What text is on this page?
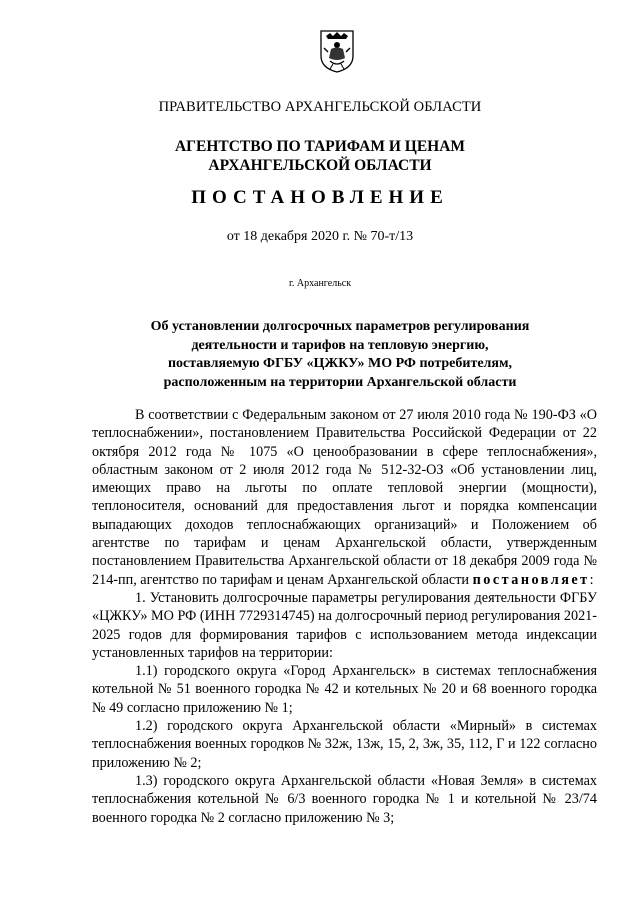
ПРАВИТЕЛЬСТВО АРХАНГЕЛЬСКОЙ ОБЛАСТИ
АГЕНТСТВО ПО ТАРИФАМ И ЦЕНАМ
АРХАНГЕЛЬСКОЙ ОБЛАСТИ
ПОСТАНОВЛЕНИЕ
от 18 декабря 2020 г. № 70-т/13
г. Архангельск
Об установлении долгосрочных параметров регулирования
деятельности и тарифов на тепловую энергию,
поставляемую ФГБУ «ЦЖКУ» МО РФ потребителям,
расположенным на территории Архангельской области

В соответствии с Федеральным законом от 27 июля 2010 года № 190-ФЗ «О теплоснабжении», постановлением Правительства Российской Федерации от 22 октября 2012 года № 1075 «О ценообразовании в сфере теплоснабжения», областным законом от 2 июля 2012 года № 512-32-ОЗ «Об установлении лиц, имеющих право на льготы по оплате тепловой энергии (мощности), теплоносителя, оснований для предоставления льгот и порядка компенсации выпадающих доходов теплоснабжающих организаций» и Положением об агентстве по тарифам и ценам Архангельской области, утвержденным постановлением Правительства Архангельской области от 18 декабря 2009 года № 214-пп, агентство по тарифам и ценам Архангельской области постановляет:

1. Установить долгосрочные параметры регулирования деятельности ФГБУ «ЦЖКУ» МО РФ (ИНН 7729314745) на долгосрочный период регулирования 2021-2025 годов для формирования тарифов с использованием метода индексации установленных тарифов на территории:

1.1) городского округа «Город Архангельск» в системах теплоснабжения котельной № 51 военного городка № 42 и котельных № 20 и 68 военного городка № 49 согласно приложению № 1;

1.2) городского округа Архангельской области «Мирный» в системах теплоснабжения военных городков № 32ж, 13ж, 15, 2, 3ж, 35, 112, Г и 122 согласно приложению № 2;

1.3) городского округа Архангельской области «Новая Земля» в системах теплоснабжения котельной № 6/3 военного городка № 1 и котельной № 23/74 военного городка № 2 согласно приложению № 3;
